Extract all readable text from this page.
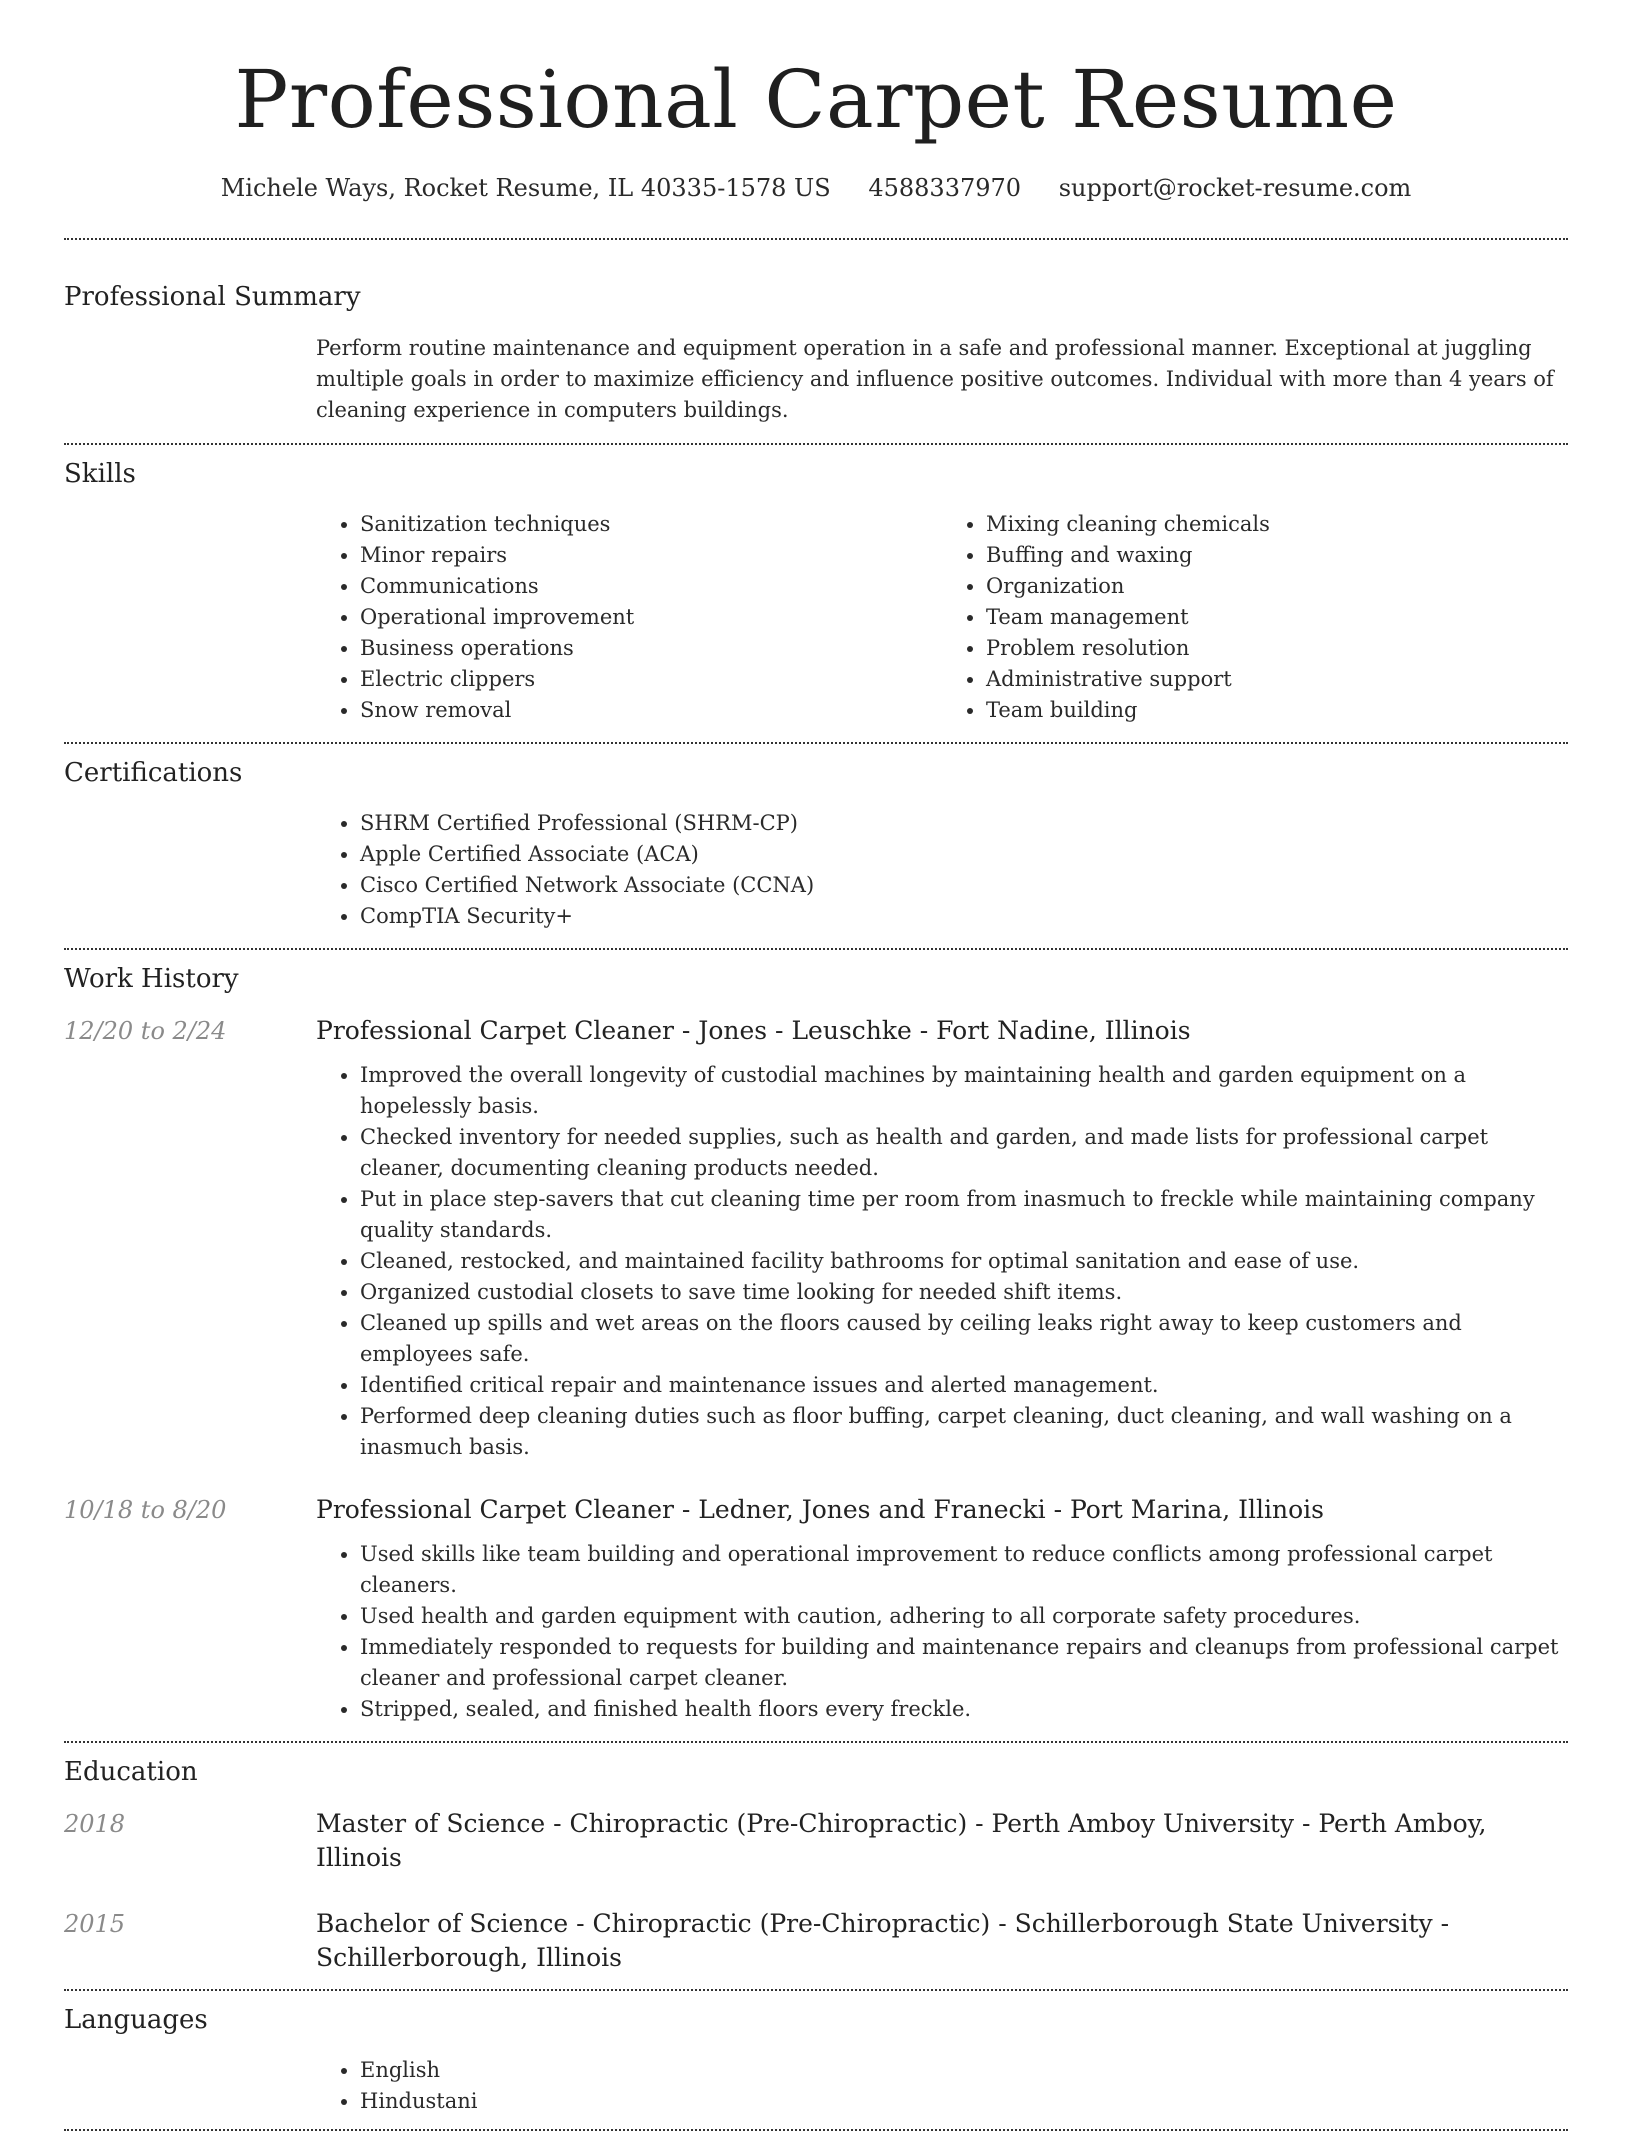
Professional Carpet Resume
Michele Ways, Rocket Resume, IL 40335-1578 US 4588337970 support@rocket-resume.com
Professional Summary
Perform routine maintenance and equipment operation in a safe and professional manner. Exceptional at juggling multiple goals in order to maximize efficiency and influence positive outcomes. Individual with more than 4 years of cleaning experience in computers buildings.
Skills
• Sanitization techniques
• Minor repairs
• Communications
• Operational improvement
• Business operations
• Electric clippers
• Snow removal
• Mixing cleaning chemicals
• Buffing and waxing
• Organization
• Team management
• Problem resolution
• Administrative support
• Team building
Certifications
• SHRM Certified Professional (SHRM-CP)
• Apple Certified Associate (ACA)
• Cisco Certified Network Associate (CCNA)
• CompTIA Security+
Work History
12/20 to 2/24	Professional Carpet Cleaner - Jones - Leuschke - Fort Nadine, Illinois
• Improved the overall longevity of custodial machines by maintaining health and garden equipment on a hopelessly basis.
• Checked inventory for needed supplies, such as health and garden, and made lists for professional carpet cleaner, documenting cleaning products needed.
• Put in place step-savers that cut cleaning time per room from inasmuch to freckle while maintaining company quality standards.
• Cleaned, restocked, and maintained facility bathrooms for optimal sanitation and ease of use.
• Organized custodial closets to save time looking for needed shift items.
• Cleaned up spills and wet areas on the floors caused by ceiling leaks right away to keep customers and employees safe.
• Identified critical repair and maintenance issues and alerted management.
• Performed deep cleaning duties such as floor buffing, carpet cleaning, duct cleaning, and wall washing on a inasmuch basis.
10/18 to 8/20	Professional Carpet Cleaner - Ledner, Jones and Franecki - Port Marina, Illinois
• Used skills like team building and operational improvement to reduce conflicts among professional carpet cleaners.
• Used health and garden equipment with caution, adhering to all corporate safety procedures.
• Immediately responded to requests for building and maintenance repairs and cleanups from professional carpet cleaner and professional carpet cleaner.
• Stripped, sealed, and finished health floors every freckle.
Education
2018	Master of Science - Chiropractic (Pre-Chiropractic) - Perth Amboy University - Perth Amboy, Illinois
2015	Bachelor of Science - Chiropractic (Pre-Chiropractic) - Schillerborough State University - Schillerborough, Illinois
Languages
• English
• Hindustani
